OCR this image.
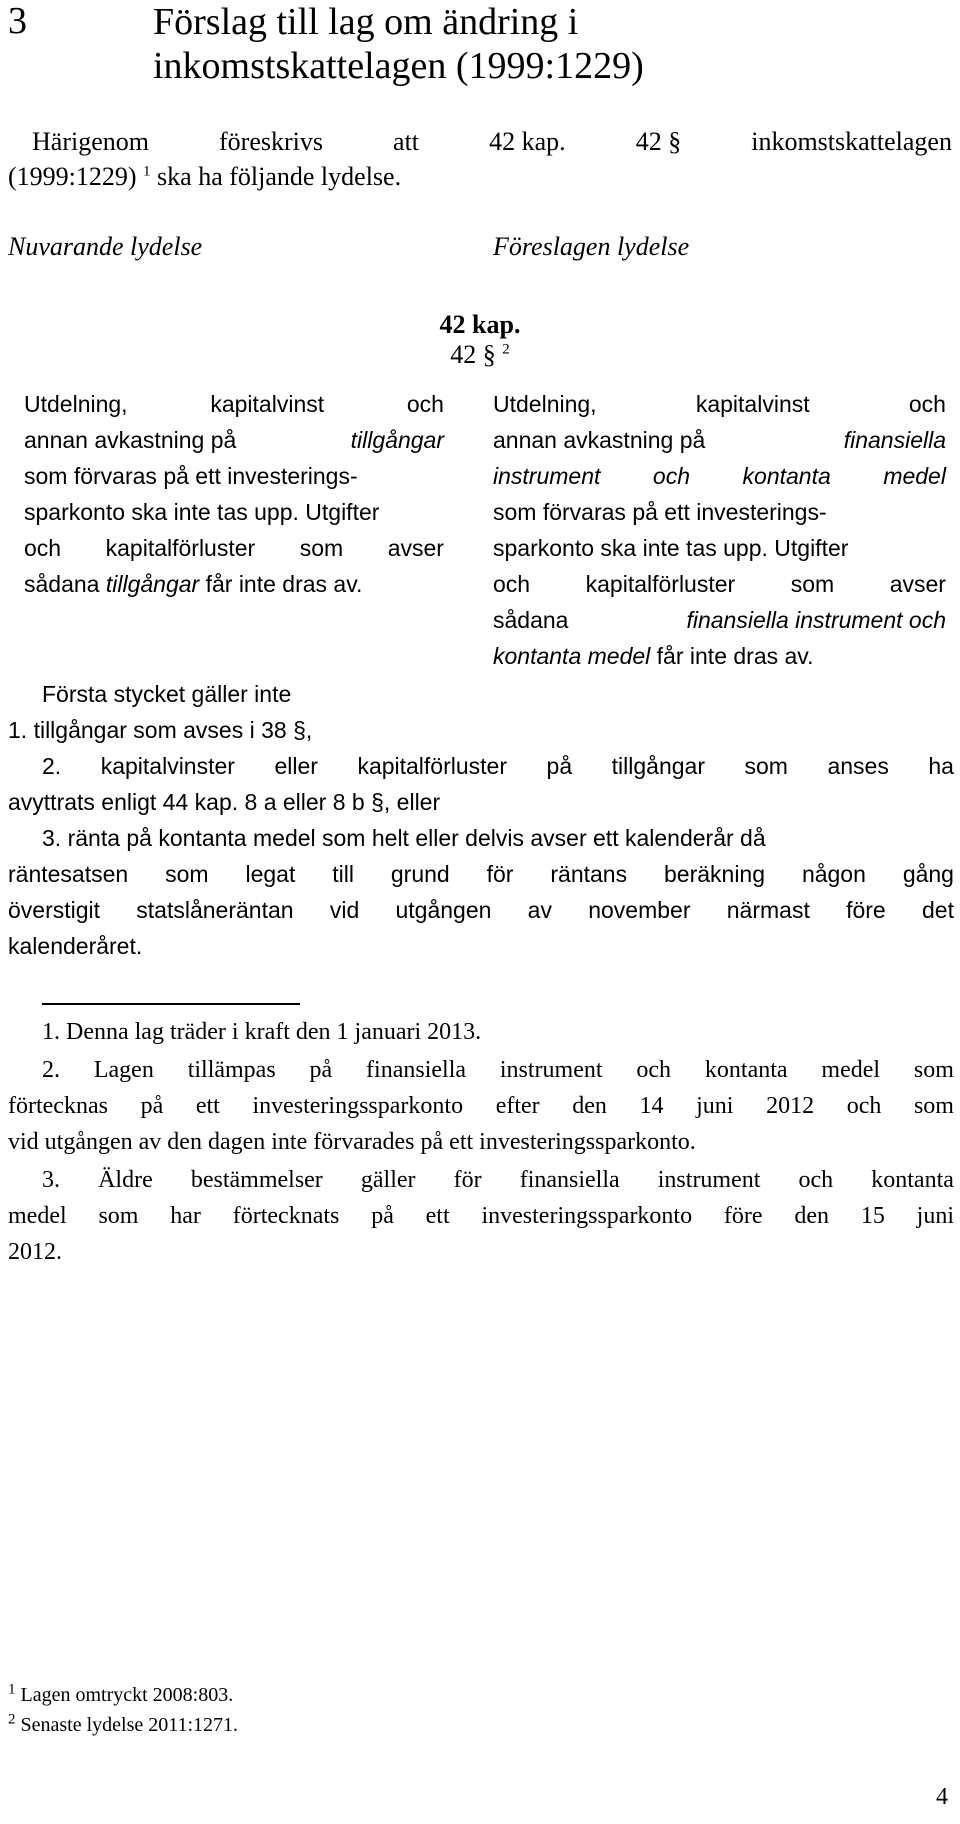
3	Förslag till lag om ändring i
inkomstskattelagen (1999:1229)
Härigenom	föreskrivs	att	42 kap.	42 §	inkomstskattelagen
(1999:1229) $^1$ ska ha följande lydelse.
Nuvarande lydelse	Föreslagen lydelse
42 kap.
42 § $^2$
Utdelning,	kapitalvinst	och
annan avkastning på	tillgångar
som förvaras på ett investerings-
sparkonto ska inte tas upp. Utgifter
och kapitalförluster som avser
sådana tillgångar får inte dras av.
Utdelning,	kapitalvinst	och
annan avkastning på	finansiella
instrument och kontanta medel
som förvaras på ett investerings-
sparkonto ska inte tas upp. Utgifter
och kapitalförluster som avser
sådana	finansiella instrument och
kontanta medel får inte dras av.
Första stycket gäller inte
1. tillgångar som avses i 38 §,
2. kapitalvinster eller kapitalförluster på tillgångar som anses ha
avyttrats enligt 44 kap. 8 a eller 8 b §, eller
3. ränta på kontanta medel som helt eller delvis avser ett kalenderår då
räntesatsen som legat till grund för räntans beräkning någon gång
överstigit statslåneräntan vid utgången av november närmast före det
kalenderåret.
1. Denna lag träder i kraft den 1 januari 2013.
2. Lagen tillämpas på finansiella instrument och kontanta medel som
förtecknas på ett investeringssparkonto efter den 14 juni 2012 och som
vid utgången av den dagen inte förvarades på ett investeringssparkonto.
3. Äldre bestämmelser gäller för finansiella instrument och kontanta
medel som har förtecknats på ett investeringssparkonto före den 15 juni
2012.
$^1$ Lagen omtryckt 2008:803.
$^2$ Senaste lydelse 2011:1271.
4
